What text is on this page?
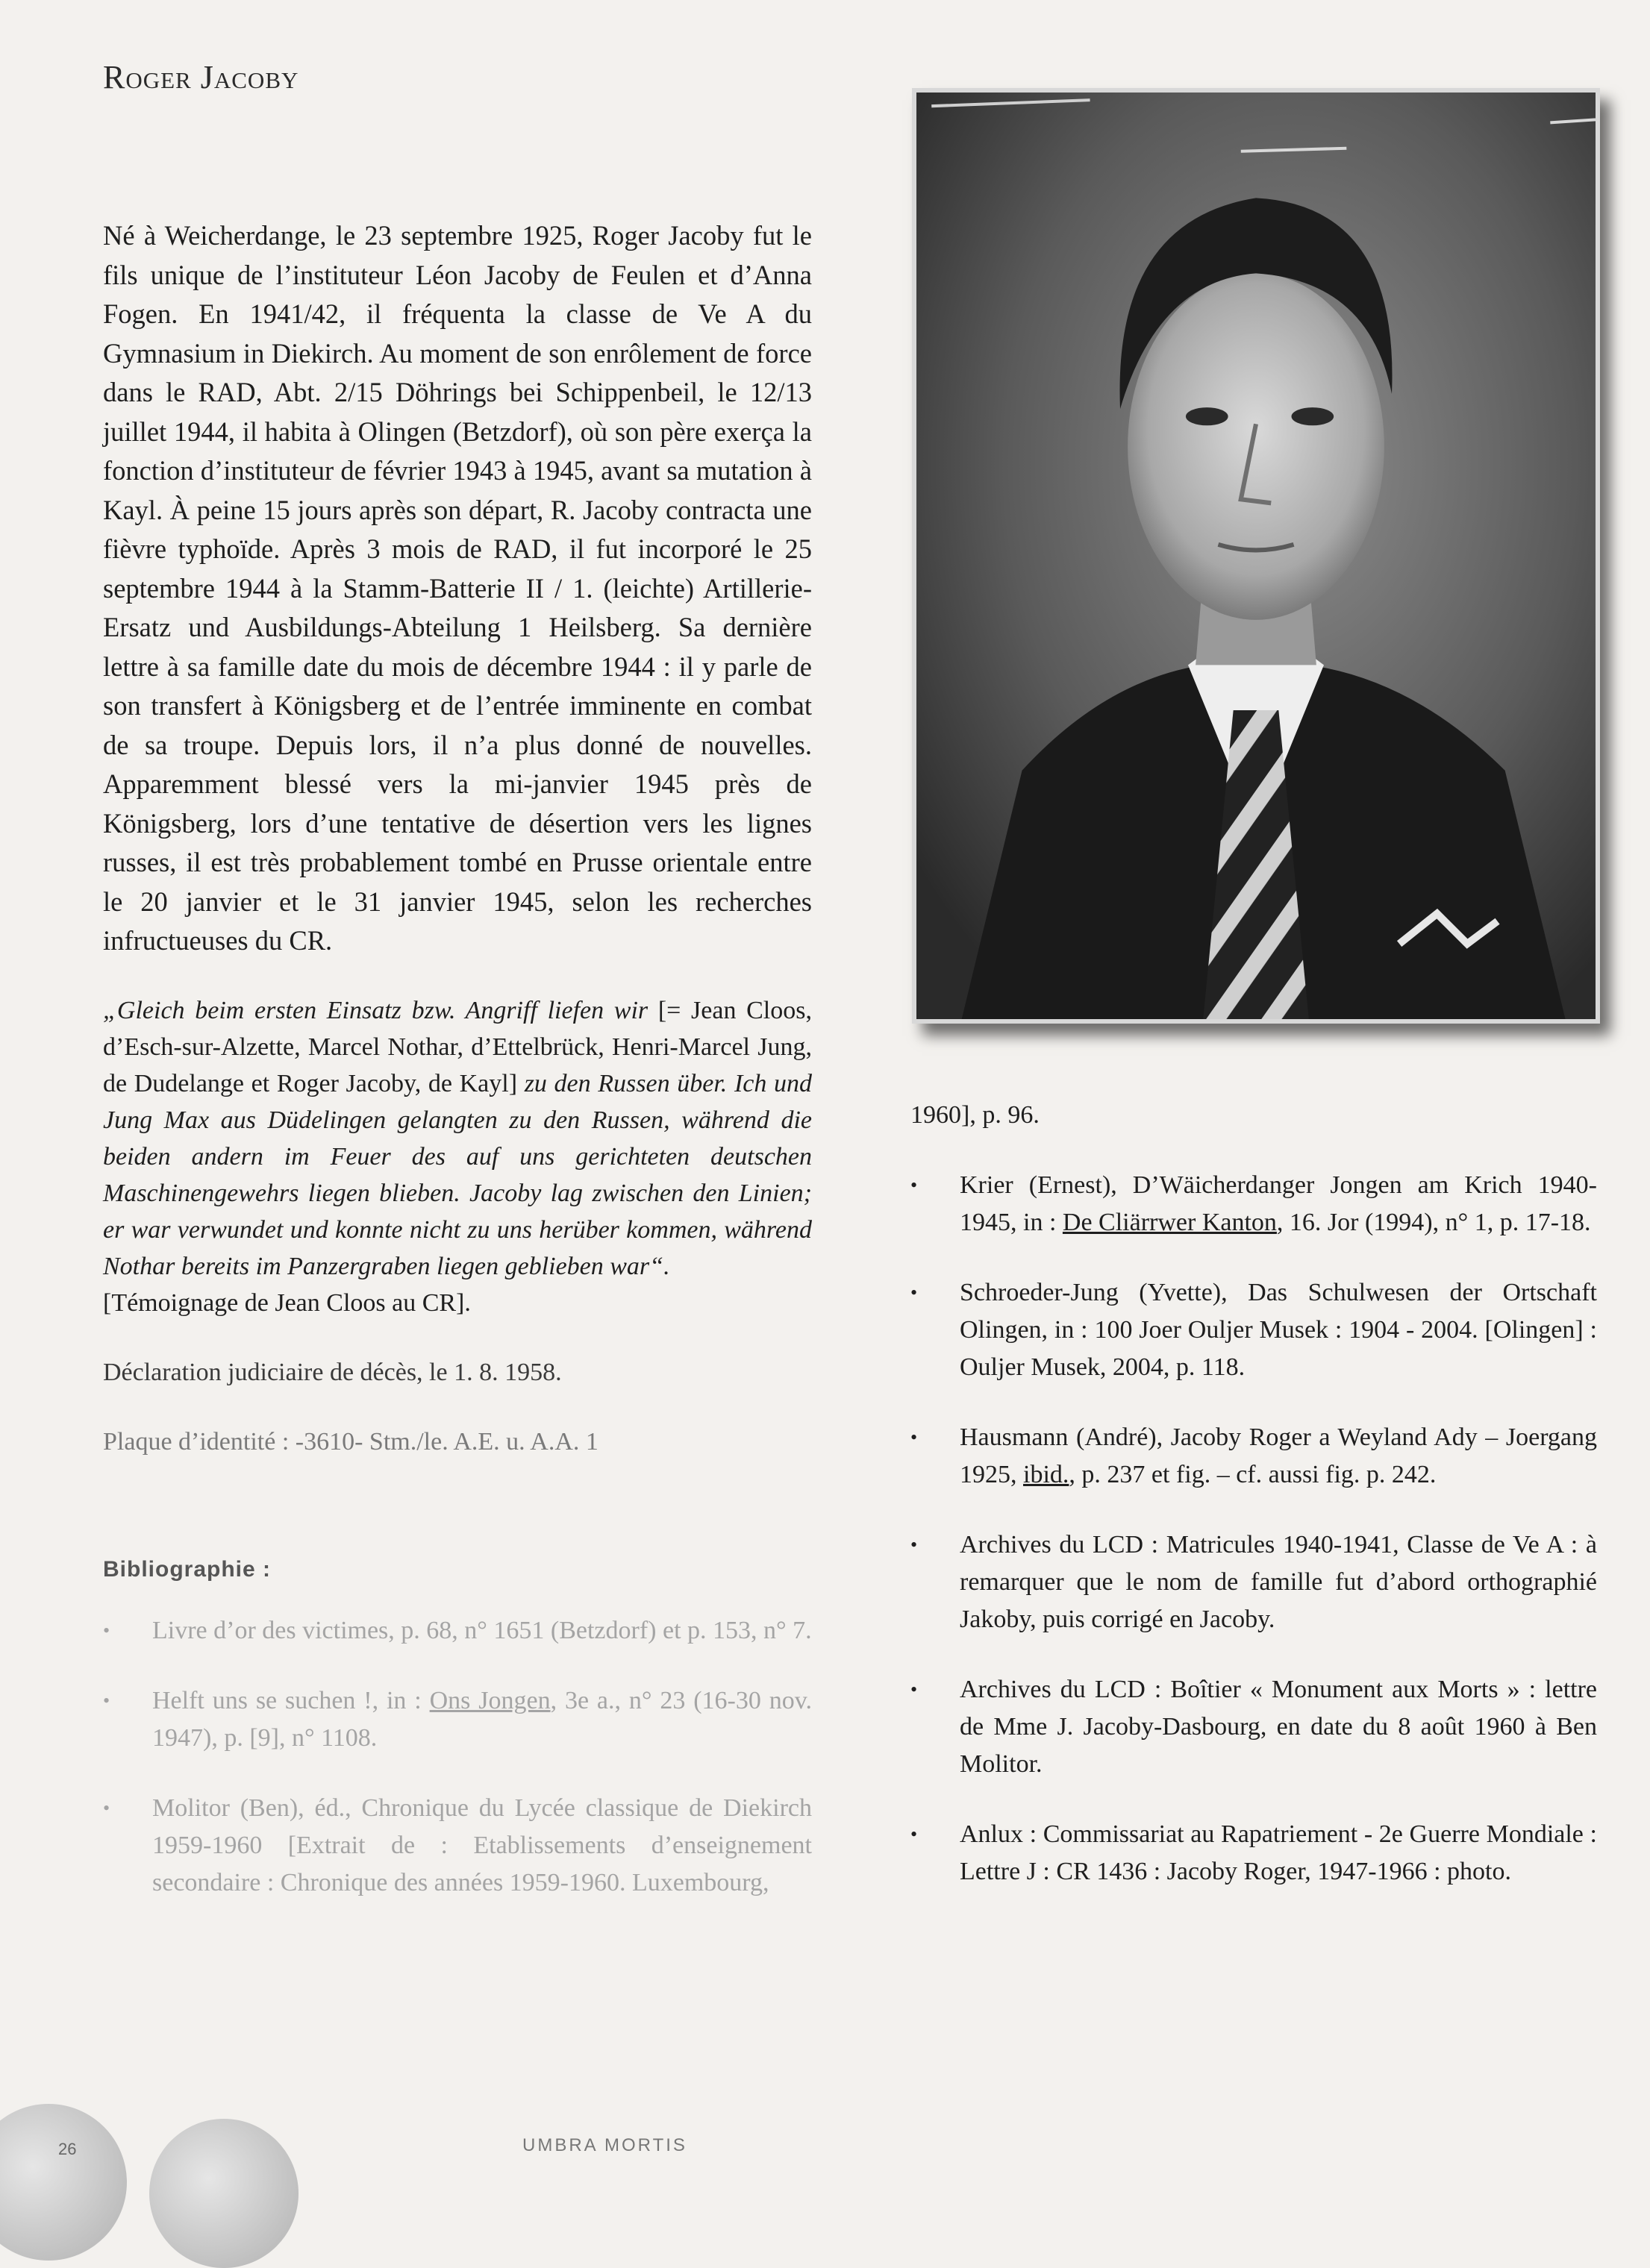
Roger Jacoby

Né à Weicherdange, le 23 septembre 1925, Roger Jacoby fut le fils unique de l’instituteur Léon Jacoby de Feulen et d’Anna Fogen. En 1941/42, il fréquenta la classe de Ve A du Gymnasium in Diekirch. Au moment de son enrôlement de force dans le RAD, Abt. 2/15 Döhrings bei Schippenbeil, le 12/13 juillet 1944, il habita à Olingen (Betzdorf), où son père exerça la fonction d’instituteur de février 1943 à 1945, avant sa mutation à Kayl. À peine 15 jours après son départ, R. Jacoby contracta une fièvre typhoïde. Après 3 mois de RAD, il fut incorporé le 25 septembre 1944 à la Stamm-Batterie II / 1. (leichte) Artillerie-Ersatz und Ausbildungs-Abteilung 1 Heilsberg. Sa dernière lettre à sa famille date du mois de décembre 1944 : il y parle de son transfert à Königsberg et de l’entrée imminente en combat de sa troupe. Depuis lors, il n’a plus donné de nouvelles. Apparemment blessé vers la mi-janvier 1945 près de Königsberg, lors d’une tentative de désertion vers les lignes russes, il est très probablement tombé en Prusse orientale entre le 20 janvier et le 31 janvier 1945, selon les recherches infructueuses du CR.

„Gleich beim ersten Einsatz bzw. Angriff liefen wir [= Jean Cloos, d’Esch-sur-Alzette, Marcel Nothar, d’Ettelbrück, Henri-Marcel Jung, de Dudelange et Roger Jacoby, de Kayl] zu den Russen über. Ich und Jung Max aus Düdelingen gelangten zu den Russen, während die beiden andern im Feuer des auf uns gerichteten deutschen Maschinengewehrs liegen blieben. Jacoby lag zwischen den Linien; er war verwundet und konnte nicht zu uns herüber kommen, während Nothar bereits im Panzergraben liegen geblieben war“.
[Témoignage de Jean Cloos au CR].

Déclaration judiciaire de décès, le 1. 8. 1958.

Plaque d’identité : -3610- Stm./le. A.E. u. A.A. 1

Bibliographie :
• Livre d’or des victimes, p. 68, n° 1651 (Betzdorf) et p. 153, n° 7.
• Helft uns se suchen !, in : Ons Jongen, 3e a., n° 23 (16-30 nov. 1947), p. [9], n° 1108.
• Molitor (Ben), éd., Chronique du Lycée classique de Diekirch 1959-1960 [Extrait de : Etablissements d’enseignement secondaire : Chronique des années 1959-1960. Luxembourg,

1960], p. 96.

• Krier (Ernest), D’Wäicherdanger Jongen am Krich 1940-1945, in : De Cliärrwer Kanton, 16. Jor (1994), n° 1, p. 17-18.
• Schroeder-Jung (Yvette), Das Schulwesen der Ortschaft Olingen, in : 100 Joer Ouljer Musek : 1904 - 2004. [Olingen] : Ouljer Musek, 2004, p. 118.
• Hausmann (André), Jacoby Roger a Weyland Ady – Joergang 1925, ibid., p. 237 et fig. – cf. aussi fig. p. 242.
• Archives du LCD : Matricules 1940-1941, Classe de Ve A : à remarquer que le nom de famille fut d’abord orthographié Jakoby, puis corrigé en Jacoby.
• Archives du LCD : Boîtier « Monument aux Morts » : lettre de Mme J. Jacoby-Dasbourg, en date du 8 août 1960 à Ben Molitor.
• Anlux : Commissariat au Rapatriement - 2e Guerre Mondiale : Lettre J : CR 1436 : Jacoby Roger, 1947-1966 : photo.
26	UMBRA MORTIS
